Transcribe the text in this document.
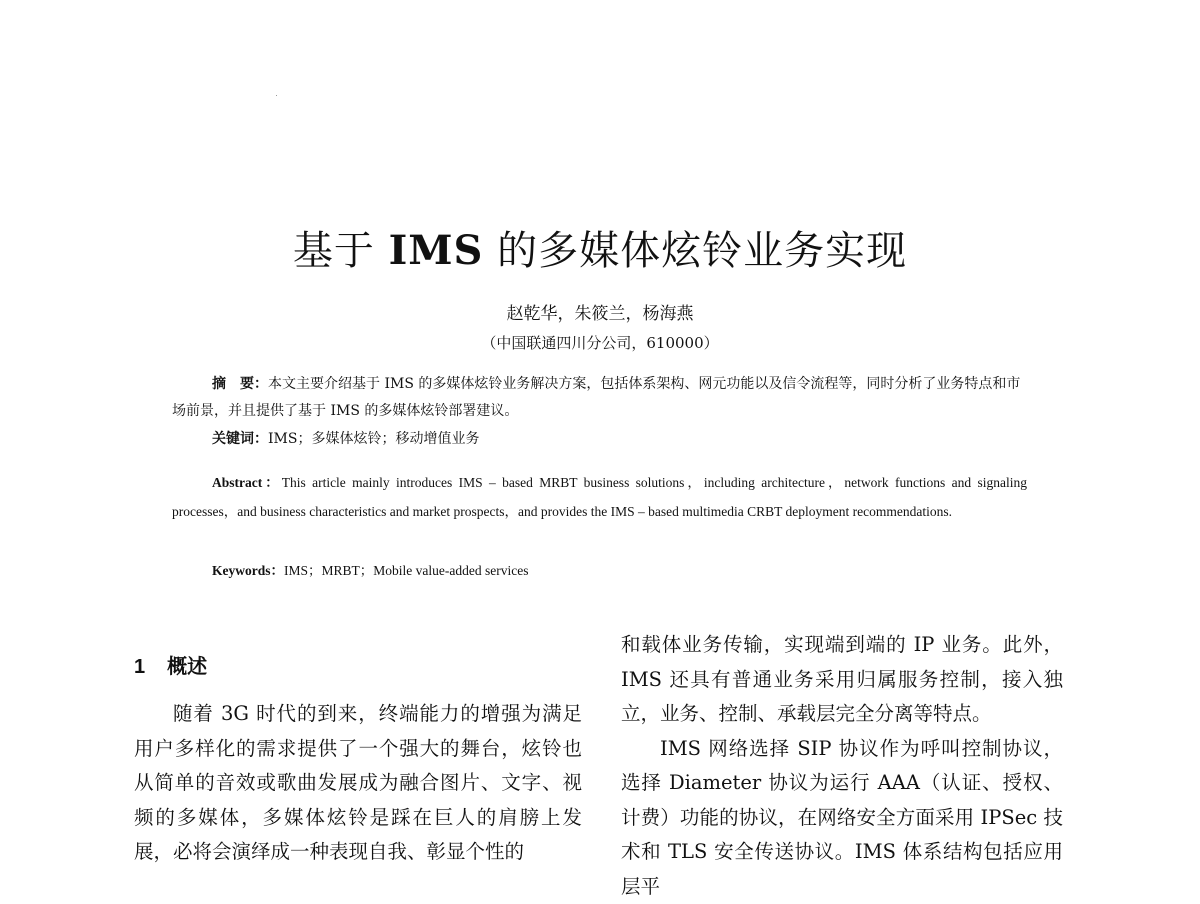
基于 IMS 的多媒体炫铃业务实现
赵乾华，朱筱兰，杨海燕
（中国联通四川分公司，610000）
摘　要：本文主要介绍基于 IMS 的多媒体炫铃业务解决方案，包括体系架构、网元功能以及信令流程等，同时分析了业务特点和市场前景，并且提供了基于 IMS 的多媒体炫铃部署建议。
关键词：IMS；多媒体炫铃；移动增值业务
Abstract：This article mainly introduces IMS – based MRBT business solutions，including architecture，network functions and signaling processes，and business characteristics and market prospects，and provides the IMS – based multimedia CRBT deployment recommendations.
Keywords：IMS；MRBT；Mobile value-added services
1 概述

随着 3G 时代的到来，终端能力的增强为满足用户多样化的需求提供了一个强大的舞台，炫铃也从简单的音效或歌曲发展成为融合图片、文字、视频的多媒体，多媒体炫铃是踩在巨人的肩膀上发展，必将会演绎成一种表现自我、彰显个性的

和载体业务传输，实现端到端的 IP 业务。此外，IMS 还具有普通业务采用归属服务控制，接入独立，业务、控制、承载层完全分离等特点。

IMS 网络选择 SIP 协议作为呼叫控制协议，选择 Diameter 协议为运行 AAA（认证、授权、计费）功能的协议，在网络安全方面采用 IPSec 技术和 TLS 安全传送协议。IMS 体系结构包括应用层平
